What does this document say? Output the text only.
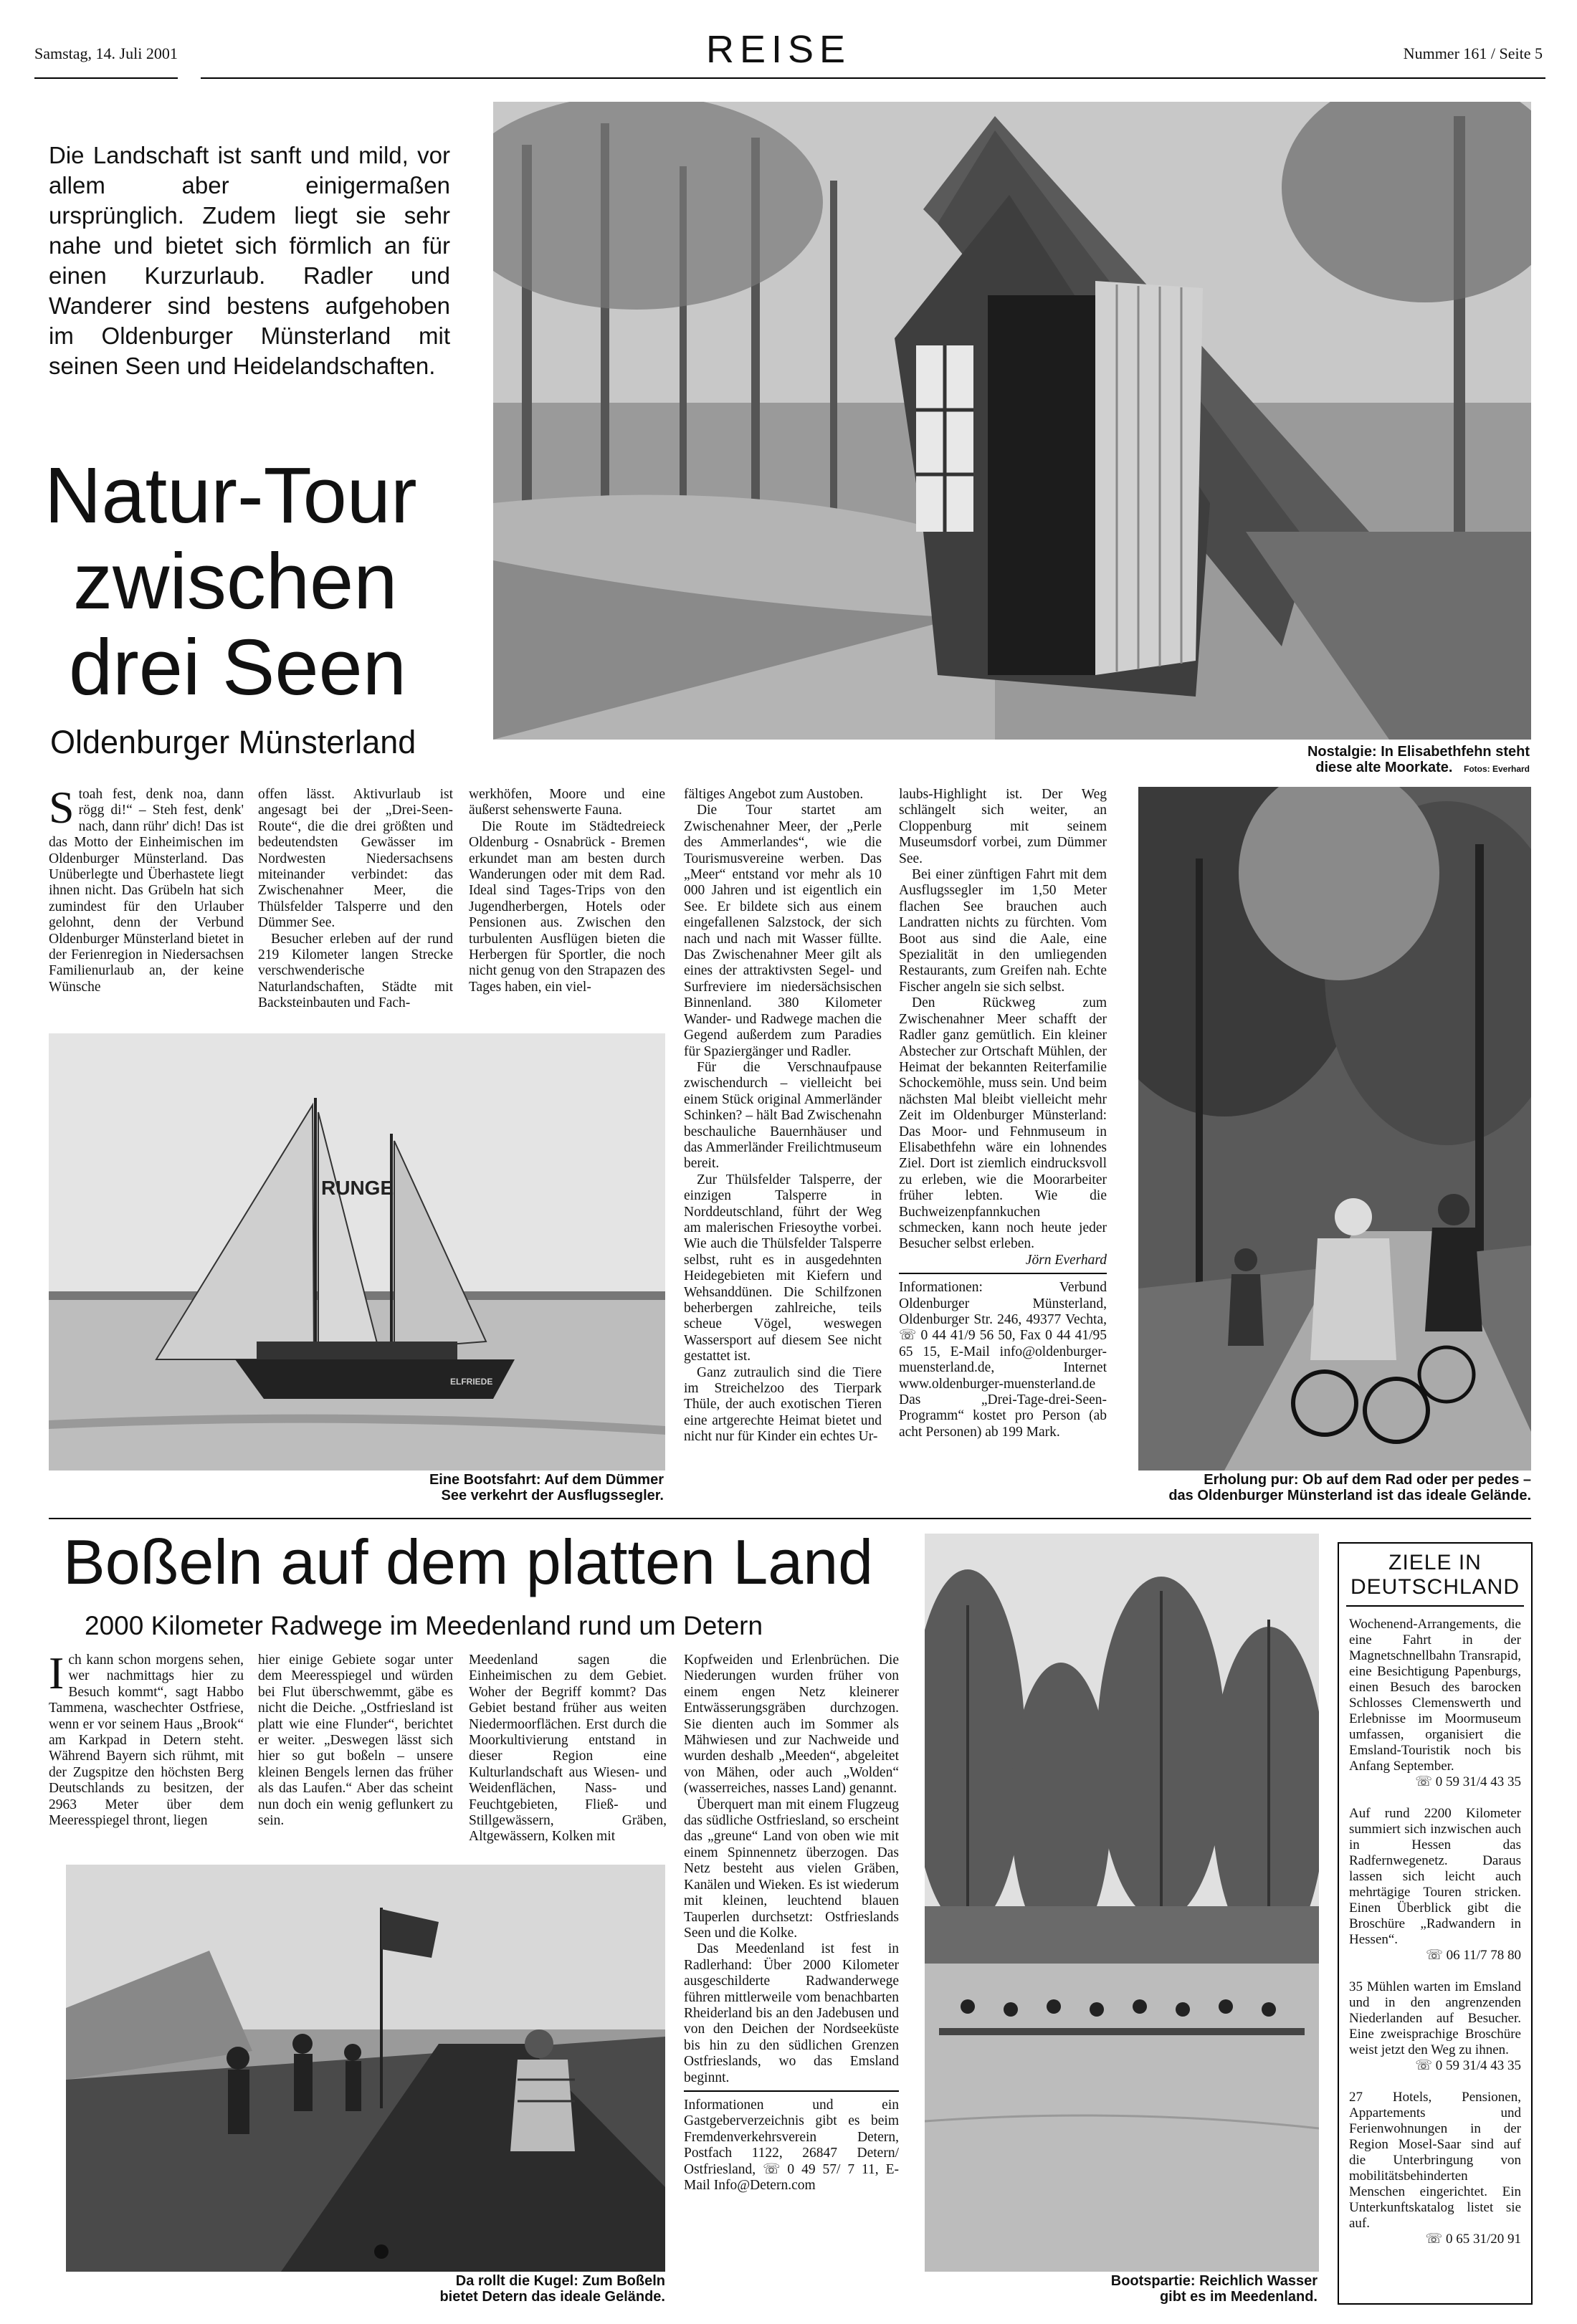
Samstag, 14. Juli 2001	REISE	Nummer 161 / Seite 5
Die Landschaft ist sanft und mild, vor allem aber einigermaßen ursprünglich. Zudem liegt sie sehr nahe und bietet sich förmlich an für einen Kurzurlaub. Radler und Wanderer sind bestens aufgehoben im Oldenburger Münsterland mit seinen Seen und Heidelandschaften.
Natur-Tour
zwischen
drei Seen
Oldenburger Münsterland	Nostalgie: In Elisabethfehn steht
diese alte Moorkate. Fotos: Everhard
Stoah fest, denk noa, dann rögg di!“ – Steh fest, denk' nach, dann rühr' dich! Das ist das Motto der Einheimischen im Oldenburger Münsterland. Das Unüberlegte und Überhastete liegt ihnen nicht. Das Grübeln hat sich zumindest für den Urlauber gelohnt, denn der Verbund Oldenburger Münsterland bietet in der Ferienregion in Niedersachsen Familienurlaub an, der keine Wünsche

offen lässt. Aktivurlaub ist angesagt bei der „Drei-Seen-Route“, die die drei größten und bedeutendsten Gewässer im Nordwesten Niedersachsens miteinander verbindet: das Zwischenahner Meer, die Thülsfelder Talsperre und den Dümmer See.

Besucher erleben auf der rund 219 Kilometer langen Strecke verschwenderische Naturlandschaften, Städte mit Backsteinbauten und Fach-

werkhöfen, Moore und eine äußerst sehenswerte Fauna.

Die Route im Städtedreieck Oldenburg - Osnabrück - Bremen erkundet man am besten durch Wanderungen oder mit dem Rad. Ideal sind Tages-Trips von den Jugendherbergen, Hotels oder Pensionen aus. Zwischen den turbulenten Ausflügen bieten die Herbergen für Sportler, die noch nicht genug von den Strapazen des Tages haben, ein viel-

fältiges Angebot zum Austoben.

Die Tour startet am Zwischenahner Meer, der „Perle des Ammerlandes“, wie die Tourismusvereine werben. Das „Meer“ entstand vor mehr als 10 000 Jahren und ist eigentlich ein See. Er bildete sich aus einem eingefallenen Salzstock, der sich nach und nach mit Wasser füllte. Das Zwischenahner Meer gilt als eines der attraktivsten Segel- und Surfreviere im niedersächsischen Binnenland. 380 Kilometer Wander- und Radwege machen die Gegend außerdem zum Paradies für Spaziergänger und Radler.

Für die Verschnaufpause zwischendurch – vielleicht bei einem Stück original Ammerländer Schinken? – hält Bad Zwischenahn beschauliche Bauernhäuser und das Ammerländer Freilichtmuseum bereit.

Zur Thülsfelder Talsperre, der einzigen Talsperre in Norddeutschland, führt der Weg am malerischen Friesoythe vorbei. Wie auch die Thülsfelder Talsperre selbst, ruht es in ausgedehnten Heidegebieten mit Kiefern und Wehsanddünen. Die Schilfzonen beherbergen zahlreiche, teils scheue Vögel, weswegen Wassersport auf diesem See nicht gestattet ist.

Ganz zutraulich sind die Tiere im Streichelzoo des Tierpark Thüle, der auch exotischen Tieren eine artgerechte Heimat bietet und nicht nur für Kinder ein echtes Ur-

laubs-Highlight ist. Der Weg schlängelt sich weiter, an Cloppenburg mit seinem Museumsdorf vorbei, zum Dümmer See.

Bei einer zünftigen Fahrt mit dem Ausflugssegler im 1,50 Meter flachen See brauchen auch Landratten nichts zu fürchten. Vom Boot aus sind die Aale, eine Spezialität in den umliegenden Restaurants, zum Greifen nah. Echte Fischer angeln sie sich selbst.

Den Rückweg zum Zwischenahner Meer schafft der Radler ganz gemütlich. Ein kleiner Abstecher zur Ortschaft Mühlen, der Heimat der bekannten Reiterfamilie Schockemöhle, muss sein. Und beim nächsten Mal bleibt vielleicht mehr Zeit im Oldenburger Münsterland: Das Moor- und Fehnmuseum in Elisabethfehn wäre ein lohnendes Ziel. Dort ist ziemlich eindrucksvoll zu erleben, wie die Moorarbeiter früher lebten. Wie die Buchweizenpfannkuchen schmecken, kann noch heute jeder Besucher selbst erleben.

Jörn Everhard

Informationen: Verbund Oldenburger Münsterland, Oldenburger Str. 246, 49377 Vechta, ☏ 0 44 41/9 56 50, Fax 0 44 41/95 65 15, E-Mail info@oldenburger-muensterland.de, Internet www.oldenburger-muensterland.de Das „Drei-Tage-drei-Seen-Programm“ kostet pro Person (ab acht Personen) ab 199 Mark.

RUNGE
ELFRIEDE
Eine Bootsfahrt: Auf dem Dümmer
See verkehrt der Ausflugssegler.
Erholung pur: Ob auf dem Rad oder per pedes –
das Oldenburger Münsterland ist das ideale Gelände.
Boßeln auf dem platten Land
2000 Kilometer Radwege im Meedenland rund um Detern
Ich kann schon morgens sehen, wer nachmittags hier zu Besuch kommt“, sagt Habbo Tammena, waschechter Ostfriese, wenn er vor seinem Haus „Brook“ am Karkpad in Detern steht. Während Bayern sich rühmt, mit der Zugspitze den höchsten Berg Deutschlands zu besitzen, der 2963 Meter über dem Meeresspiegel thront, liegen

hier einige Gebiete sogar unter dem Meeresspiegel und würden bei Flut überschwemmt, gäbe es nicht die Deiche. „Ostfriesland ist platt wie eine Flunder“, berichtet er weiter. „Deswegen lässt sich hier so gut boßeln – unsere kleinen Bengels lernen das früher als das Laufen.“ Aber das scheint nun doch ein wenig geflunkert zu sein.

Meedenland sagen die Einheimischen zu dem Gebiet. Woher der Begriff kommt? Das Gebiet bestand früher aus weiten Niedermoorflächen. Erst durch die Moorkultivierung entstand in dieser Region eine Kulturlandschaft aus Wiesen- und Weidenflächen, Nass- und Feuchtgebieten, Fließ- und Stillgewässern, Gräben, Altgewässern, Kolken mit

Kopfweiden und Erlenbrüchen. Die Niederungen wurden früher von einem engen Netz kleinerer Entwässerungsgräben durchzogen. Sie dienten auch im Sommer als Mähwiesen und zur Nachweide und wurden deshalb „Meeden“, abgeleitet von Mähen, oder auch „Wolden“ (wasserreiches, nasses Land) genannt.

Überquert man mit einem Flugzeug das südliche Ostfriesland, so erscheint das „greune“ Land von oben wie mit einem Spinnennetz überzogen. Das Netz besteht aus vielen Gräben, Kanälen und Wieken. Es ist wiederum mit kleinen, leuchtend blauen Tauperlen durchsetzt: Ostfrieslands Seen und die Kolke.

Das Meedenland ist fest in Radlerhand: Über 2000 Kilometer ausgeschilderte Radwanderwege führen mittlerweile vom benachbarten Rheiderland bis an den Jadebusen und von den Deichen der Nordseeküste bis hin zu den südlichen Grenzen Ostfrieslands, wo das Emsland beginnt.

Informationen und ein Gastgeberverzeichnis gibt es beim Fremdenverkehrsverein Detern, Postfach 1122, 26847 Detern/ Ostfriesland, ☏ 0 49 57/ 7 11, E-Mail Info@Detern.com

Da rollt die Kugel: Zum Boßeln
bietet Detern das ideale Gelände.
Bootspartie: Reichlich Wasser
gibt es im Meedenland.
ZIELE IN
DEUTSCHLAND

Wochenend-Arrangements, die eine Fahrt in der Magnetschnellbahn Transrapid, eine Besichtigung Papenburgs, einen Besuch des barocken Schlosses Clemenswerth und Erlebnisse im Moormuseum umfassen, organisiert die Emsland-Touristik noch bis Anfang September.

☏ 0 59 31/4 43 35

Auf rund 2200 Kilometer summiert sich inzwischen auch in Hessen das Radfernwegenetz. Daraus lassen sich leicht auch mehrtägige Touren stricken. Einen Überblick gibt die Broschüre „Radwandern in Hessen“.

☏ 06 11/7 78 80

35 Mühlen warten im Emsland und in den angrenzenden Niederlanden auf Besucher. Eine zweisprachige Broschüre weist jetzt den Weg zu ihnen.

☏ 0 59 31/4 43 35

27 Hotels, Pensionen, Appartements und Ferienwohnungen in der Region Mosel-Saar sind auf die Unterbringung von mobilitätsbehinderten Menschen eingerichtet. Ein Unterkunftskatalog listet sie auf.

☏ 0 65 31/20 91
